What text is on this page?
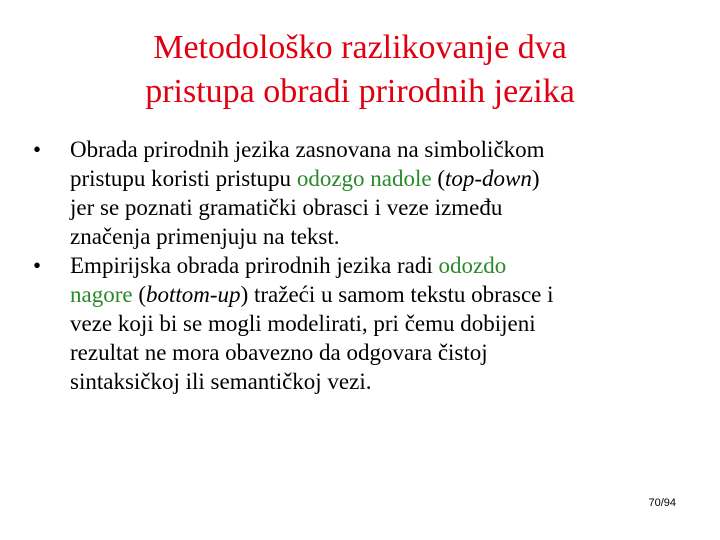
Metodološko razlikovanje dva
pristupa obradi prirodnih jezika
• Obrada prirodnih jezika zasnovana na simboličkom
pristupu koristi pristupu odozgo nadole (top-down)
jer se poznati gramatički obrasci i veze između
značenja primenjuju na tekst.
• Empirijska obrada prirodnih jezika radi odozdo
nagore (bottom-up) tražeći u samom tekstu obrasce i
veze koji bi se mogli modelirati, pri čemu dobijeni
rezultat ne mora obavezno da odgovara čistoj
sintaksičkoj ili semantičkoj vezi.
70/94
